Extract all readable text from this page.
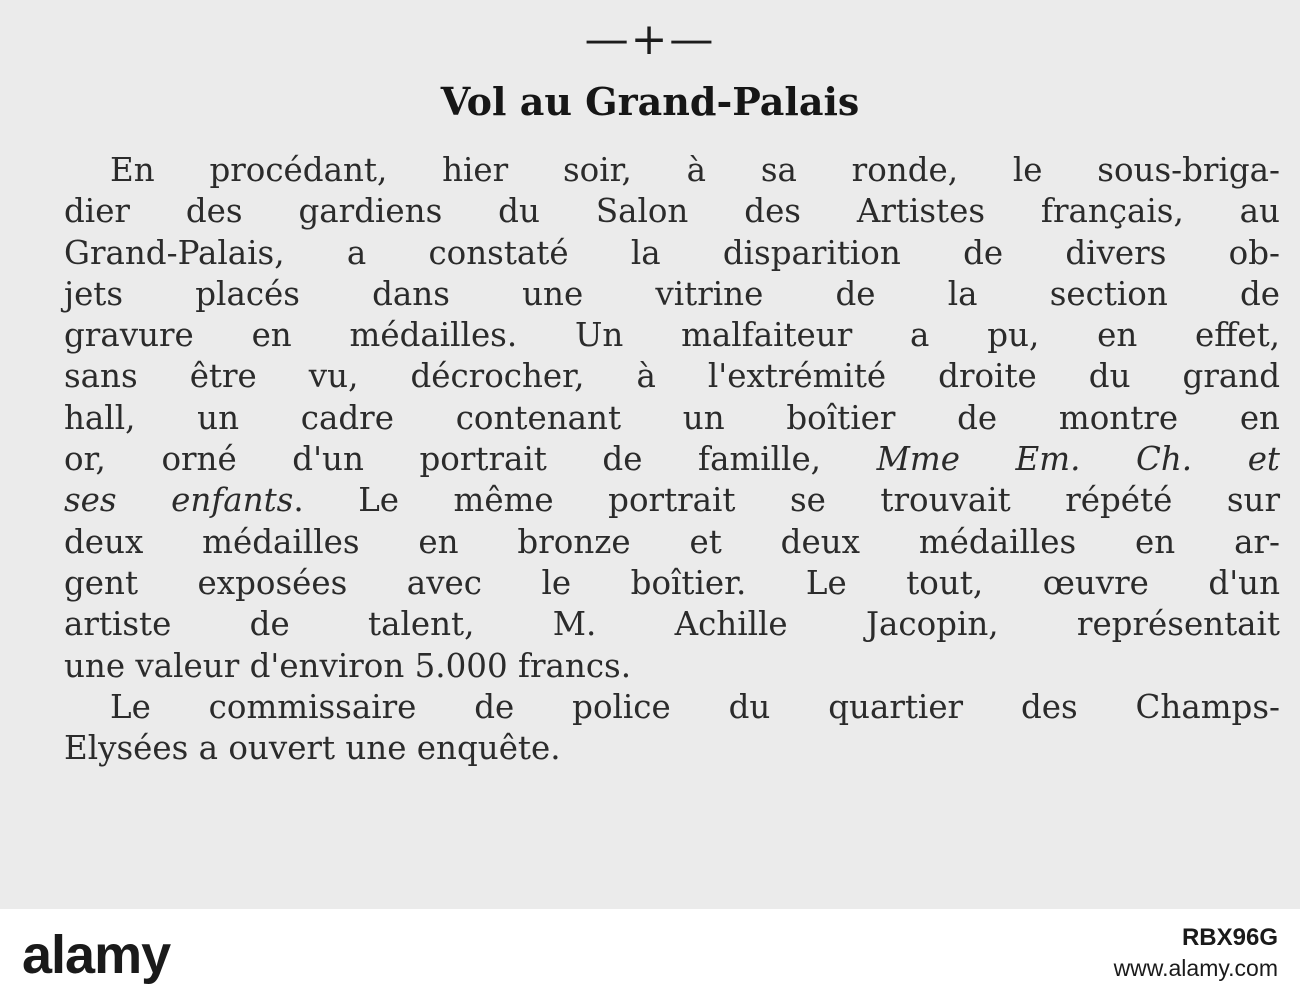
—+—
Vol au Grand-Palais

En procédant, hier soir, à sa ronde, le sous-briga-
dier des gardiens du Salon des Artistes français, au
Grand-Palais, a constaté la disparition de divers ob-
jets placés dans une vitrine de la section de
gravure en médailles. Un malfaiteur a pu, en effet,
sans être vu, décrocher, à l'extrémité droite du grand
hall, un cadre contenant un boîtier de montre en
or, orné d'un portrait de famille, Mme Em. Ch. et
ses enfants. Le même portrait se trouvait répété sur
deux médailles en bronze et deux médailles en ar-
gent exposées avec le boîtier. Le tout, œuvre d'un
artiste de talent, M. Achille Jacopin, représentait
une valeur d'environ 5.000 francs.

Le commissaire de police du quartier des Champs-
Elysées a ouvert une enquête.

alamy	RBX96G
www.alamy.com
